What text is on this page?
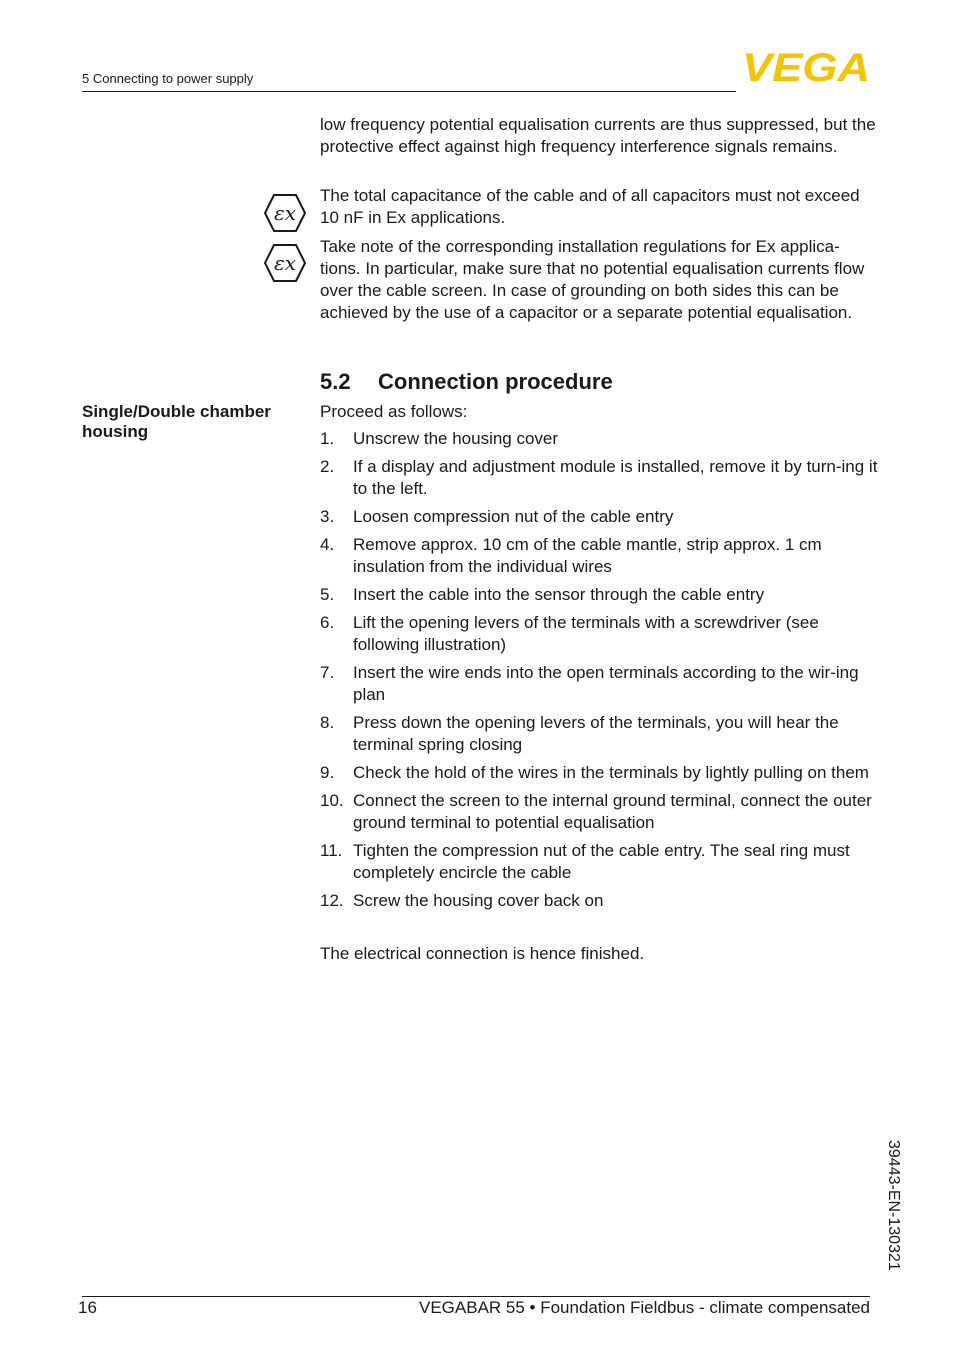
5 Connecting to power supply	VEGA
low frequency potential equalisation currents are thus suppressed, but the protective effect against high frequency interference signals remains.
εx
The total capacitance of the cable and of all capacitors must not exceed 10 nF in Ex applications.
εx
Take note of the corresponding installation regulations for Ex applica-tions. In particular, make sure that no potential equalisation currents flow over the cable screen. In case of grounding on both sides this can be achieved by the use of a capacitor or a separate potential equalisation.
5.2 Connection procedure
Single/Double chamber housing
Proceed as follows:
1. Unscrew the housing cover
2. If a display and adjustment module is installed, remove it by turn-ing it to the left.
3. Loosen compression nut of the cable entry
4. Remove approx. 10 cm of the cable mantle, strip approx. 1 cm insulation from the individual wires
5. Insert the cable into the sensor through the cable entry
6. Lift the opening levers of the terminals with a screwdriver (see following illustration)
7. Insert the wire ends into the open terminals according to the wir-ing plan
8. Press down the opening levers of the terminals, you will hear the terminal spring closing
9. Check the hold of the wires in the terminals by lightly pulling on them
10. Connect the screen to the internal ground terminal, connect the outer ground terminal to potential equalisation
11. Tighten the compression nut of the cable entry. The seal ring must completely encircle the cable
12. Screw the housing cover back on
The electrical connection is hence finished.
39443-EN-130321
16	VEGABAR 55 • Foundation Fieldbus - climate compensated
